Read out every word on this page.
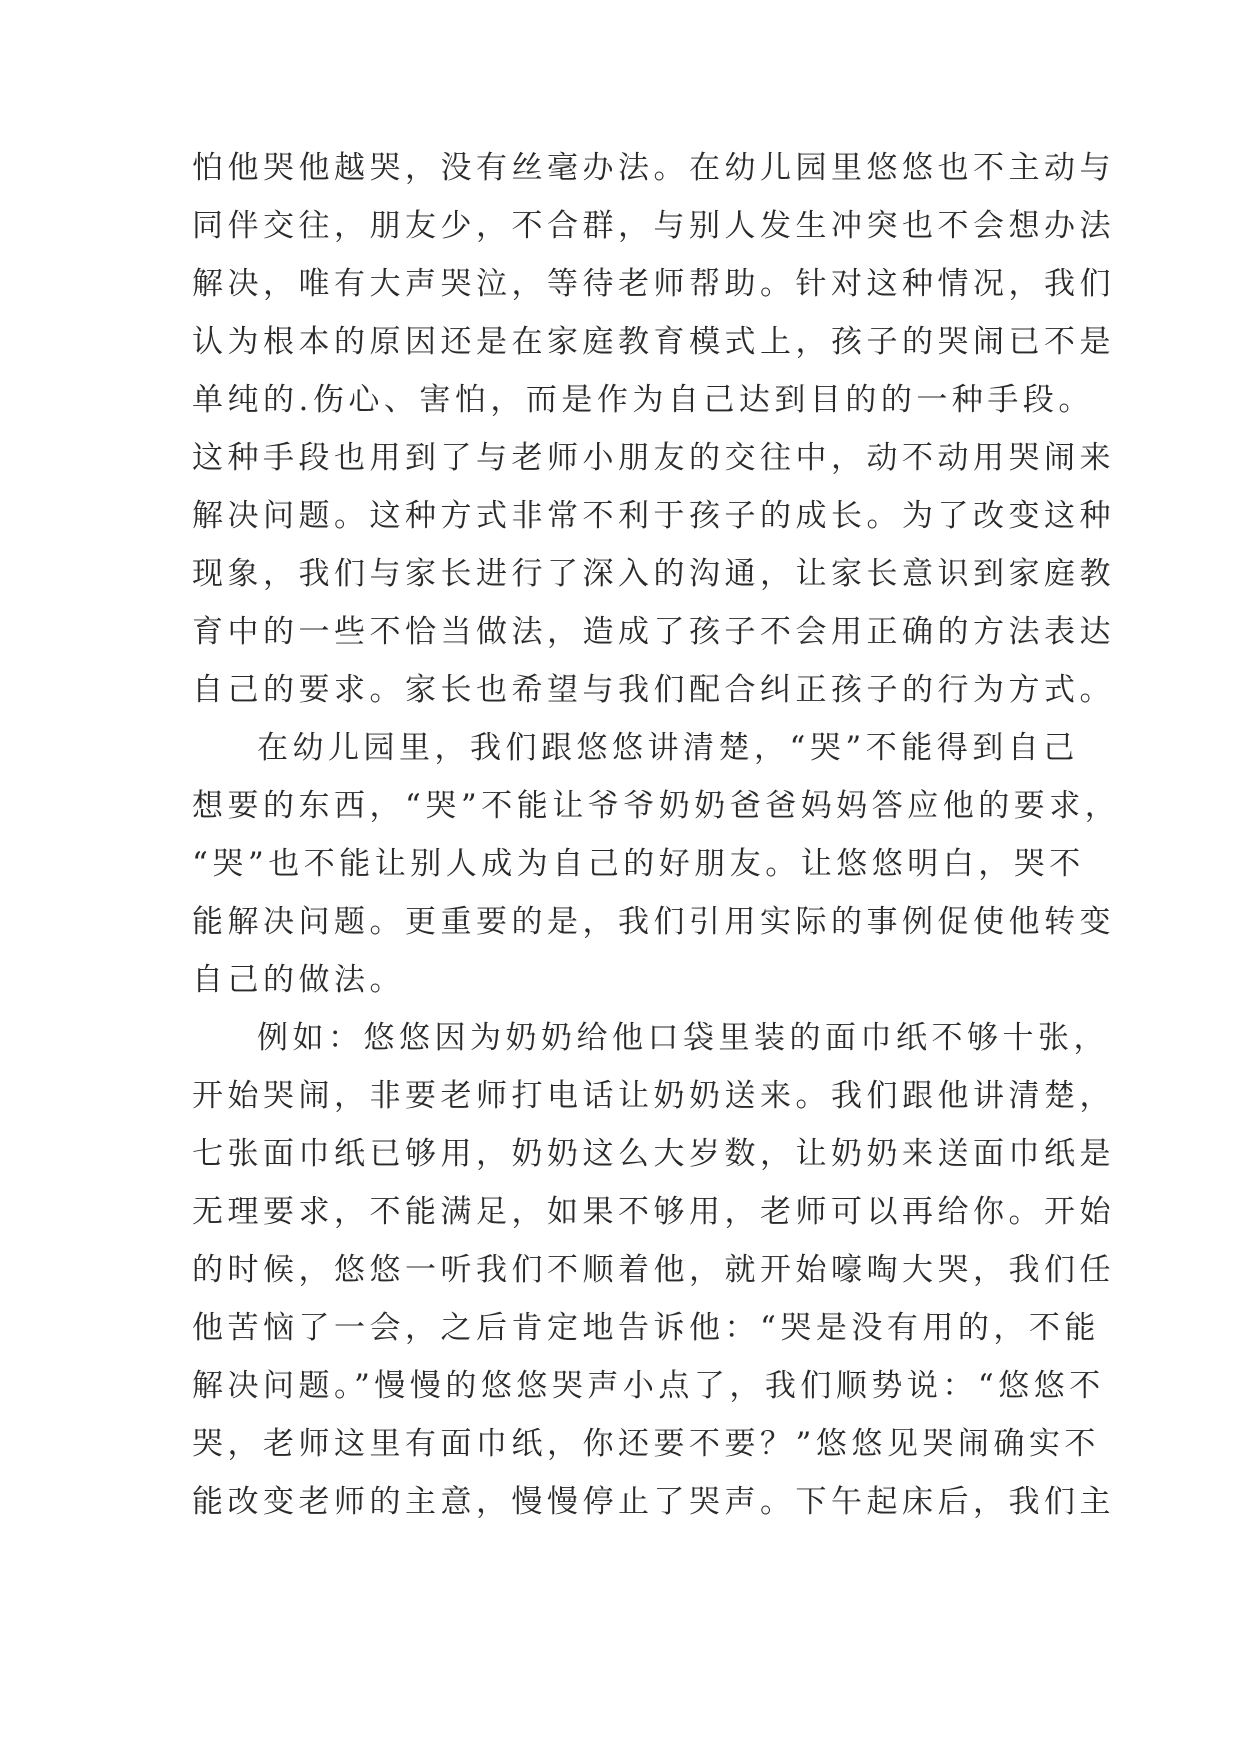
怕他哭他越哭，没有丝毫办法。在幼儿园里悠悠也不主动与
同伴交往，朋友少，不合群，与别人发生冲突也不会想办法
解决，唯有大声哭泣，等待老师帮助。针对这种情况，我们
认为根本的原因还是在家庭教育模式上，孩子的哭闹已不是
单纯的.伤心、害怕，而是作为自己达到目的的一种手段。
这种手段也用到了与老师小朋友的交往中，动不动用哭闹来
解决问题。这种方式非常不利于孩子的成长。为了改变这种
现象，我们与家长进行了深入的沟通，让家长意识到家庭教
育中的一些不恰当做法，造成了孩子不会用正确的方法表达
自己的要求。家长也希望与我们配合纠正孩子的行为方式。
在幼儿园里，我们跟悠悠讲清楚，“哭”不能得到自己
想要的东西，“哭”不能让爷爷奶奶爸爸妈妈答应他的要求，
“哭”也不能让别人成为自己的好朋友。让悠悠明白，哭不
能解决问题。更重要的是，我们引用实际的事例促使他转变
自己的做法。
例如：悠悠因为奶奶给他口袋里装的面巾纸不够十张，
开始哭闹，非要老师打电话让奶奶送来。我们跟他讲清楚，
七张面巾纸已够用，奶奶这么大岁数，让奶奶来送面巾纸是
无理要求，不能满足，如果不够用，老师可以再给你。开始
的时候，悠悠一听我们不顺着他，就开始嚎啕大哭，我们任
他苦恼了一会，之后肯定地告诉他：“哭是没有用的，不能
解决问题。”慢慢的悠悠哭声小点了，我们顺势说：“悠悠不
哭，老师这里有面巾纸，你还要不要？”悠悠见哭闹确实不
能改变老师的主意，慢慢停止了哭声。下午起床后，我们主
